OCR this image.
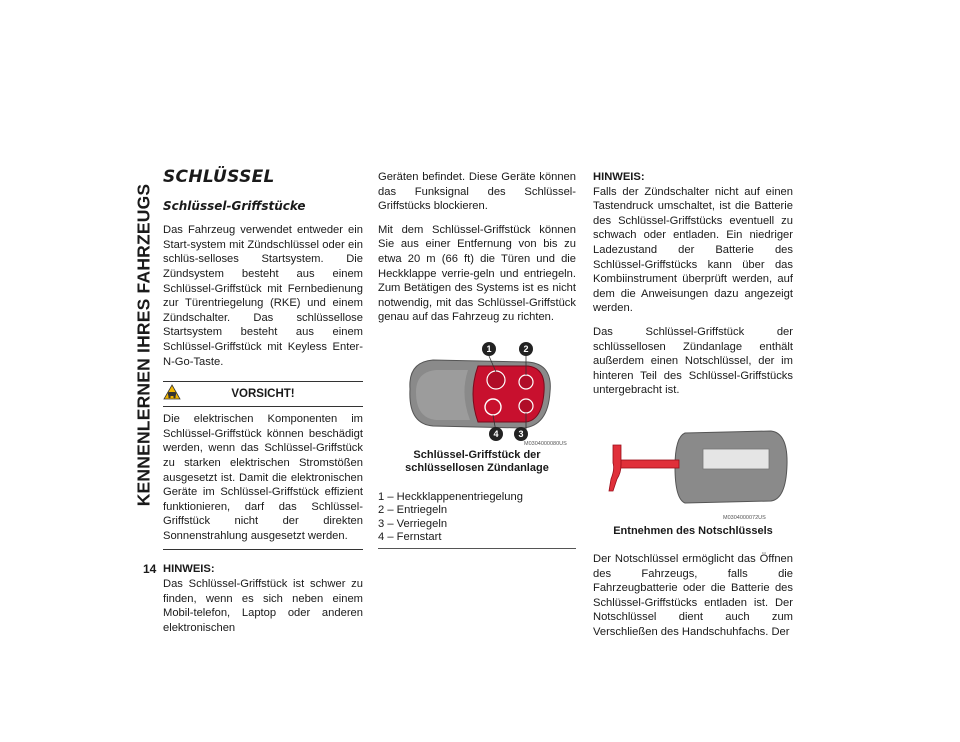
KENNENLERNEN IHRES FAHRZEUGS
14
SCHLÜSSEL
Schlüssel-Griffstücke

Das Fahrzeug verwendet entweder ein Start-system mit Zündschlüssel oder ein schlüs-selloses Startsystem. Die Zündsystem besteht aus einem Schlüssel-Griffstück mit Fernbedienung zur Türentriegelung (RKE) und einem Zündschalter. Das schlüssellose Startsystem besteht aus einem Schlüssel-Griffstück mit Keyless Enter-N-Go-Taste.

VORSICHT!
Die elektrischen Komponenten im Schlüssel-Griffstück können beschädigt werden, wenn das Schlüssel-Griffstück zu starken elektrischen Stromstößen ausgesetzt ist. Damit die elektronischen Geräte im Schlüssel-Griffstück effizient funktionieren, darf das Schlüssel-Griffstück nicht der direkten Sonnenstrahlung ausgesetzt werden.
HINWEIS:

Das Schlüssel-Griffstück ist schwer zu finden, wenn es sich neben einem Mobil-telefon, Laptop oder anderen elektronischen

Geräten befindet. Diese Geräte können das Funksignal des Schlüssel-Griffstücks blockieren.

Mit dem Schlüssel-Griffstück können Sie aus einer Entfernung von bis zu etwa 20 m (66 ft) die Türen und die Heckklappe verrie-geln und entriegeln. Zum Betätigen des Systems ist es nicht notwendig, mit das Schlüssel-Griffstück genau auf das Fahrzeug zu richten.

1	2
3
4
M0304000080US
Schlüssel-Griffstück der schlüssellosen Zündanlage
1 – Heckklappenentriegelung
2 – Entriegeln
3 – Verriegeln
4 – Fernstart
HINWEIS:

Falls der Zündschalter nicht auf einen Tastendruck umschaltet, ist die Batterie des Schlüssel-Griffstücks eventuell zu schwach oder entladen. Ein niedriger Ladezustand der Batterie des Schlüssel-Griffstücks kann über das Kombiinstrument überprüft werden, auf dem die Anweisungen dazu angezeigt werden.

Das Schlüssel-Griffstück der schlüssellosen Zündanlage enthält außerdem einen Notschlüssel, der im hinteren Teil des Schlüssel-Griffstücks untergebracht ist.

M0304000072US
Entnehmen des Notschlüssels

Der Notschlüssel ermöglicht das Öffnen des Fahrzeugs, falls die Fahrzeugbatterie oder die Batterie des Schlüssel-Griffstücks entladen ist. Der Notschlüssel dient auch zum Verschließen des Handschuhfachs. Der
